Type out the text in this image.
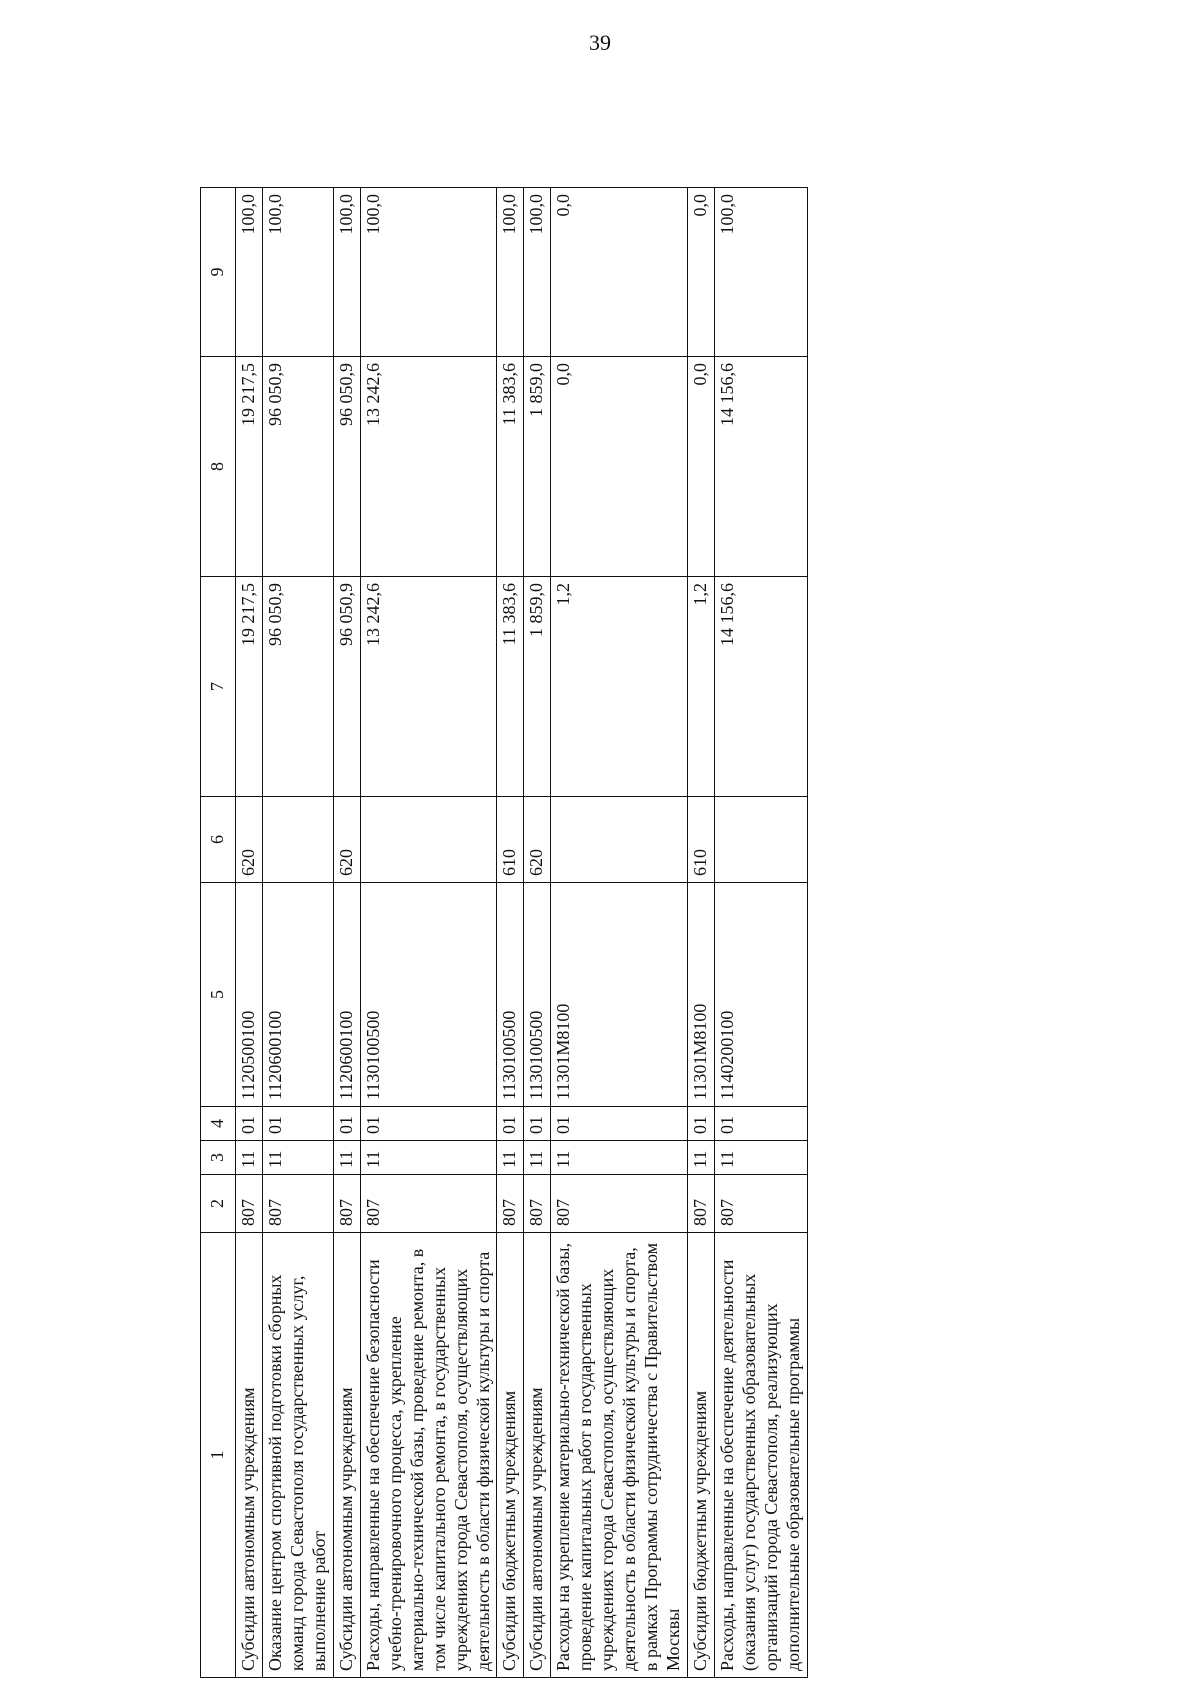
39
1	2	3	4	5	6	7	8	9
Субсидии автономным учреждениям	807	11	01	1120500100	620	19 217,5	19 217,5	100,0
Оказание центром спортивной подготовки сборных команд города Севастополя государственных услуг, выполнение работ	807	11	01	1120600100		96 050,9	96 050,9	100,0
Субсидии автономным учреждениям	807	11	01	1120600100	620	96 050,9	96 050,9	100,0
Расходы, направленные на обеспечение безопасности учебно-тренировочного процесса, укрепление материально-технической базы, проведение ремонта, в том числе капитального ремонта, в государственных учреждениях города Севастополя, осуществляющих деятельность в области физической культуры и спорта	807	11	01	1130100500		13 242,6	13 242,6	100,0
Субсидии бюджетным учреждениям	807	11	01	1130100500	610	11 383,6	11 383,6	100,0
Субсидии автономным учреждениям	807	11	01	1130100500	620	1 859,0	1 859,0	100,0
Расходы на укрепление материально-технической базы, проведение капитальных работ в государственных учреждениях города Севастополя, осуществляющих деятельность в области физической культуры и спорта, в рамках Программы сотрудничества с Правительством Москвы	807	11	01	11301M8100		1,2	0,0	0,0
Субсидии бюджетным учреждениям	807	11	01	11301M8100	610	1,2	0,0	0,0
Расходы, направленные на обеспечение деятельности (оказания услуг) государственных образовательных организаций города Севастополя, реализующих дополнительные образовательные программы	807	11	01	1140200100		14 156,6	14 156,6	100,0
